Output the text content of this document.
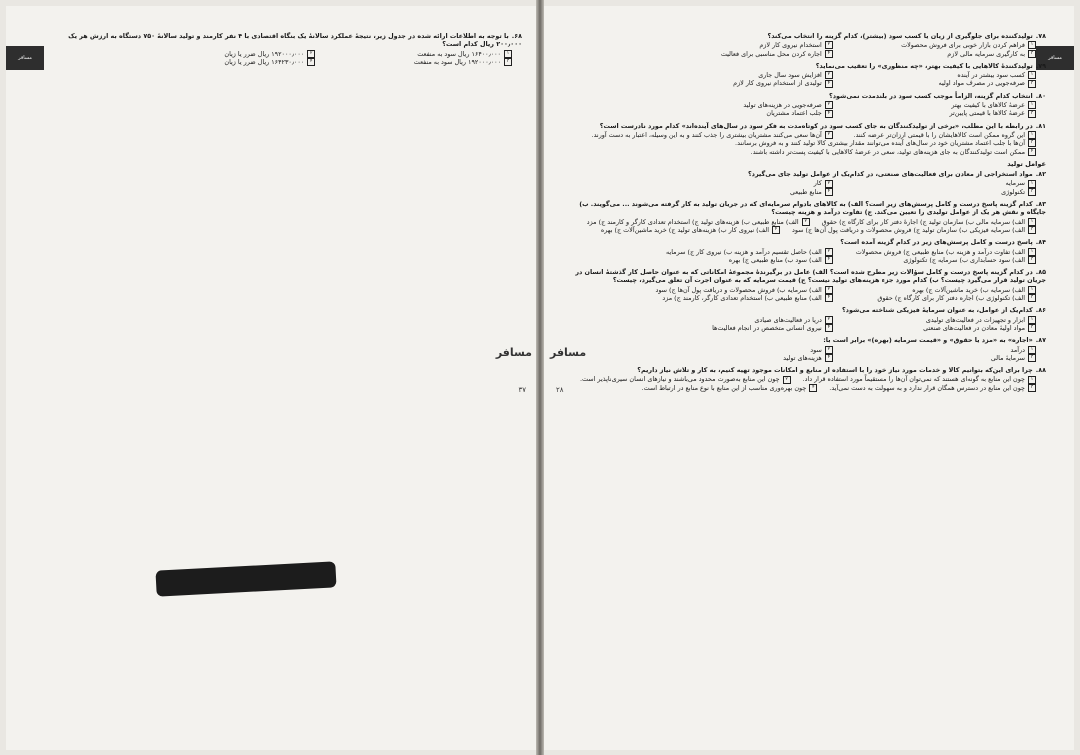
مسافر
مسافر
۳۷
۶۸.با توجه به اطلاعات ارائه شده در جدول زیر، نتیجهٔ عملکرد سالانهٔ یک بنگاه اقتصادی با ۴ نفر کارمند و تولید سالانهٔ ۷۵۰ دستگاه به ارزش هر یک ۲۰۰٫۰۰۰ ریال کدام است؟
۱
۱۶۴۰۰٫۰۰۰ ریال سود به منفعت
۲
۱۹۲۰۰۰٫۰۰۰ ریال ضرر یا زیان
۳
۱۹۲۰۰۰٫۰۰۰ ریال سود به منفعت
۴
۱۶۴۲۳۰٫۰۰۰ ریال ضرر یا زیان	مسافر
مسافر
۲۸
۷۸.تولیدکننده برای جلوگیری از زیان یا کسب سود (بیشتر)، کدام گزینه را انتخاب می‌کند؟
۱
فراهم کردن بازار خوبی برای فروش محصولات
۲
استخدام نیروی کار لازم
۳
به کارگیری سرمایه مالی لازم
۴
اجاره کردن محل مناسبی برای فعالیت
۷۹.تولیدکنندهٔ کالاهایی با کیفیت بهتر، «چه منظوری» را تعقیب می‌نماید؟
۱
کسب سود بیشتر در آینده
۲
افزایش سود سال جاری
۳
صرفه‌جویی در مصرف مواد اولیه
۴
تولیدی از استخدام نیروی کار لازم
۸۰.انتخاب کدام گزینه، الزاماً موجب کسب سود در بلندمدت نمی‌شود؟
۱
عرضهٔ کالاهای با کیفیت بهتر
۲
صرفه‌جویی در هزینه‌های تولید
۳
عرضهٔ کالاها با قیمتی پایین‌تر
۴
جلب اعتماد مشتریان
۸۱.در رابطه با این مطلب، «برخی از تولیدکنندگان به جای کسب سود در کوتاه‌مدت به فکر سود در سال‌های آینده‌اند» کدام مورد نادرست است؟
۱
این گروه ممکن است کالاهایشان را با قیمتی ارزان‌تر عرضه کنند.
۲
آن‌ها سعی می‌کنند مشتریان بیشتری را جذب کنند و به این وسیله، اعتبار به دست آورند.
۳
آن‌ها با جلب اعتماد مشتریان خود در سال‌های آینده می‌توانند مقدار بیشتری کالا تولید کنند و به فروش برسانند.
۴
ممکن است تولیدکنندگان به جای هزینه‌های تولید، سعی در عرضهٔ کالاهایی با کیفیت پست‌تر داشته باشند.
عوامل تولید
۸۲.مواد استخراجی از معادن برای فعالیت‌های صنعتی، در کدام‌یک از عوامل تولید جای می‌گیرد؟
۱
سرمایه
۲
کار
۳
تکنولوژی
۴
منابع طبیعی
۸۳.کدام گزینه پاسخ درست و کامل پرسش‌های زیر است؟ الف) به کالاهای بادوام سرمایه‌ای که در جریان تولید به کار گرفته می‌شوند ... می‌گویند. ب) جایگاه و نقش هر یک از عوامل تولیدی را تعیین می‌کند. ج) تفاوت درآمد و هزینه چیست؟
۱
الف) سرمایه مالی ب) سازمان تولید ج) اجارهٔ دفتر کار برای کارگاه ج) حقوق
۲
الف) منابع طبیعی ب) هزینه‌های تولید ج) استخدام تعدادی کارگر و کارمند ج) مزد
۳
الف) سرمایه فیزیکی ب) سازمان تولید ج) فروش محصولات و دریافت پول آن‌ها ج) سود
۴
الف) نیروی کار ب) هزینه‌های تولید ج) خرید ماشین‌آلات ج) بهره
۸۴.پاسخ درست و کامل پرسش‌های زیر در کدام گزینه آمده است؟
۱
الف) تفاوت درآمد و هزینه ب) منابع طبیعی ج) فروش محصولات
۲
الف) حاصل تقسیم درآمد و هزینه ب) نیروی کار ج) سرمایه
۳
الف) سود حسابداری ب) سرمایه ج) تکنولوژی
۴
الف) سود ب) منابع طبیعی ج) بهره
۸۵.در کدام گزینه پاسخ درست و کامل سؤالات زیر مطرح شده است؟ الف) عامل در برگیرندهٔ مجموعهٔ امکاناتی که به عنوان حاصل کار گذشتهٔ انسان در جریان تولید قرار می‌گیرد چیست؟ ب) کدام مورد جزء هزینه‌های تولید نیست؟ ج) قیمت سرمایه که به عنوان اجرت آن تعلق می‌گیرد، چیست؟
۱
الف) سرمایه ب) خرید ماشین‌آلات ج) بهره
۲
الف) سرمایه ب) فروش محصولات و دریافت پول آن‌ها ج) سود
۳
الف) تکنولوژی ب) اجاره دفتر کار برای کارگاه ج) حقوق
۴
الف) منابع طبیعی ب) استخدام تعدادی کارگر، کارمند ج) مزد
۸۶.کدام‌یک از عوامل، به عنوان سرمایهٔ فیزیکی شناخته می‌شود؟
۱
ابزار و تجهیزات در فعالیت‌های تولیدی
۲
دریا در فعالیت‌های صیادی
۳
مواد اولیهٔ معادن در فعالیت‌های صنعتی
۴
نیروی انسانی متخصص در انجام فعالیت‌ها
۸۷.«اجاره» به «مزد یا حقوق» و «قیمت سرمایه (بهره)» برابر است با:
۱
درآمد
۲
سود
۳
سرمایهٔ مالی
۴
هزینه‌های تولید
۸۸.چرا برای این‌که بتوانیم کالا و خدمات مورد نیاز خود را با استفاده از منابع و امکانات موجود تهیه کنیم، به کار و تلاش نیاز داریم؟
۱
چون این منابع به گونه‌ای هستند که نمی‌توان آن‌ها را مستقیماً مورد استفاده قرار داد.
۲
چون این منابع به‌صورت محدود می‌باشند و نیازهای انسان سیری‌ناپذیر است.
۳
چون این منابع در دسترس همگان قرار ندارد و به سهولت به دست نمی‌آید.
۴
چون بهره‌وری مناسب از این منابع با نوع منابع در ارتباط است.
